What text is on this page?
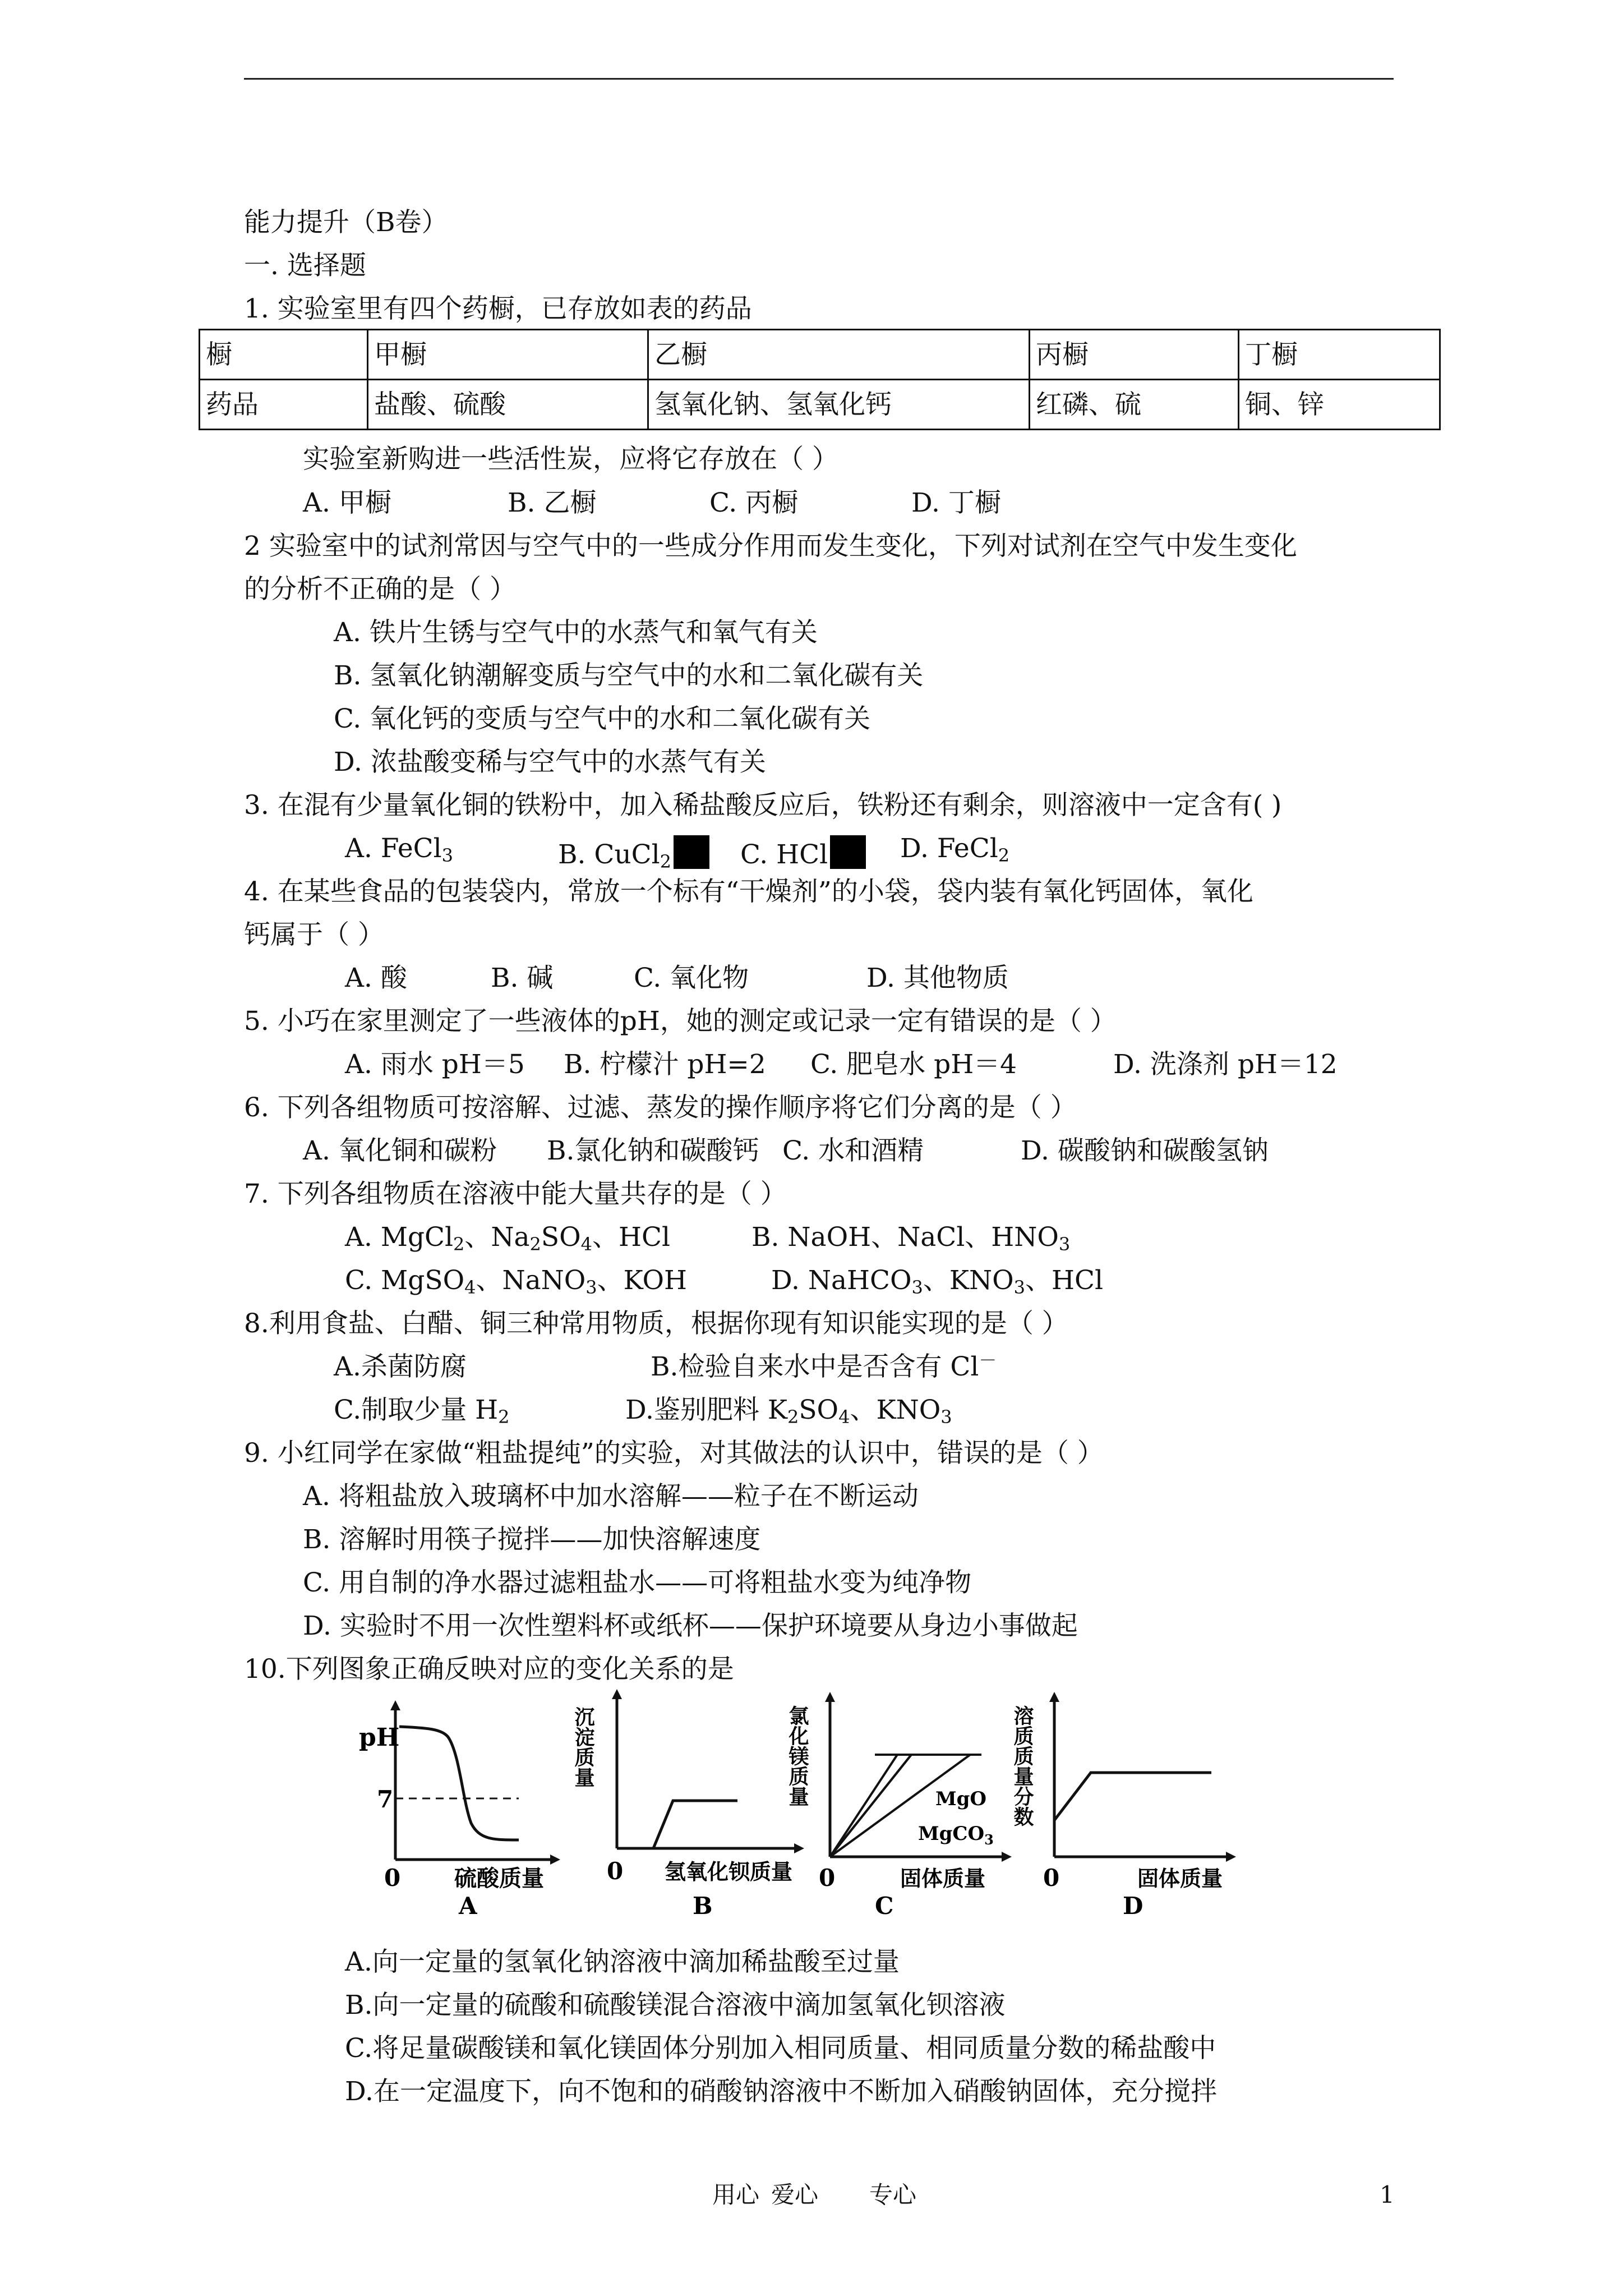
能力提升（B卷）
一. 选择题
1. 实验室里有四个药橱，已存放如表的药品
橱	甲橱	乙橱	丙橱	丁橱
药品	盐酸、硫酸	氢氧化钠、氢氧化钙	红磷、硫	铜、锌
实验室新购进一些活性炭，应将它存放在（ ）
A. 甲橱	B. 乙橱	C. 丙橱	D. 丁橱
2 实验室中的试剂常因与空气中的一些成分作用而发生变化，下列对试剂在空气中发生变化
的分析不正确的是（ ）
A. 铁片生锈与空气中的水蒸气和氧气有关
B. 氢氧化钠潮解变质与空气中的水和二氧化碳有关
C. 氧化钙的变质与空气中的水和二氧化碳有关
D. 浓盐酸变稀与空气中的水蒸气有关
3. 在混有少量氧化铜的铁粉中，加入稀盐酸反应后，铁粉还有剩余，则溶液中一定含有( )
A. FeCl$_3$	B. CuCl$_2$	C. HCl	D. FeCl$_2$
4. 在某些食品的包装袋内，常放一个标有“干燥剂”的小袋，袋内装有氧化钙固体，氧化
钙属于（ ）
A. 酸	B. 碱	C. 氧化物	D. 其他物质
5. 小巧在家里测定了一些液体的pH，她的测定或记录一定有错误的是（ ）
A. 雨水 pH＝5 B. 柠檬汁 pH=2 C. 肥皂水 pH＝4	D. 洗涤剂 pH＝12
6. 下列各组物质可按溶解、过滤、蒸发的操作顺序将它们分离的是（ ）
A. 氧化铜和碳粉 B.氯化钠和碳酸钙 C. 水和酒精	D. 碳酸钠和碳酸氢钠
7. 下列各组物质在溶液中能大量共存的是（ ）
A. MgCl$_2$、$Na_2SO_4$、HCl	B. NaOH、NaCl、$HNO_3$
C. MgSO$_4$、NaNO$_3$、KOH	D. NaHCO$_3$、$KNO_3$、HCl
8.利用食盐、白醋、铜三种常用物质，根据你现有知识能实现的是（ ）
A.杀菌防腐	B.检验自来水中是否含有 Cl－
C.制取少量 $H_2$	D.鉴别肥料 $K_2SO_4$、$KNO_3$
9. 小红同学在家做“粗盐提纯”的实验，对其做法的认识中，错误的是（ ）
A. 将粗盐放入玻璃杯中加水溶解——粒子在不断运动
B. 溶解时用筷子搅拌——加快溶解速度
C. 用自制的净水器过滤粗盐水——可将粗盐水变为纯净物
D. 实验时不用一次性塑料杯或纸杯——保护环境要从身边小事做起
10.下列图象正确反映对应的变化关系的是
pH
7
0 硫酸质量
A
沉淀质量
0 氢氧化钡质量
B
氯化镁质量	MgO
MgCO$_3$
0	固体质量
C
溶质质量分数
0	固体质量
D
A.向一定量的氢氧化钠溶液中滴加稀盐酸至过量
B.向一定量的硫酸和硫酸镁混合溶液中滴加氢氧化钡溶液
C.将足量碳酸镁和氧化镁固体分别加入相同质量、相同质量分数的稀盐酸中
D.在一定温度下，向不饱和的硝酸钠溶液中不断加入硝酸钠固体，充分搅拌
用心 爱心 专心	1
